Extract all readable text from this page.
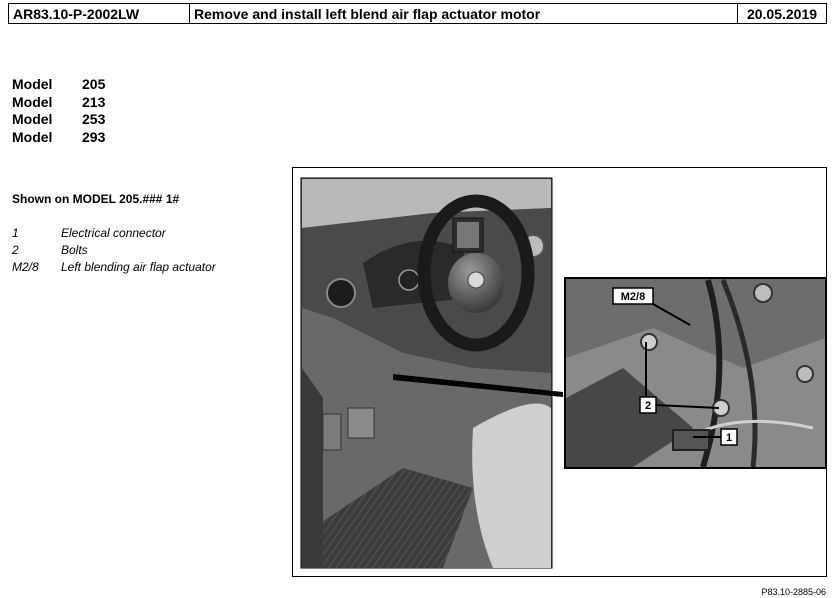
AR83.10-P-2002LW	Remove and install left blend air flap actuator motor	20.05.2019
Model	205
Model	213
Model	253
Model	293
Shown on MODEL 205.### 1#
1	Electrical connector
2	Bolts
M2/8	Left blending air flap actuator
M2/8
2
1
P83.10-2885-06
